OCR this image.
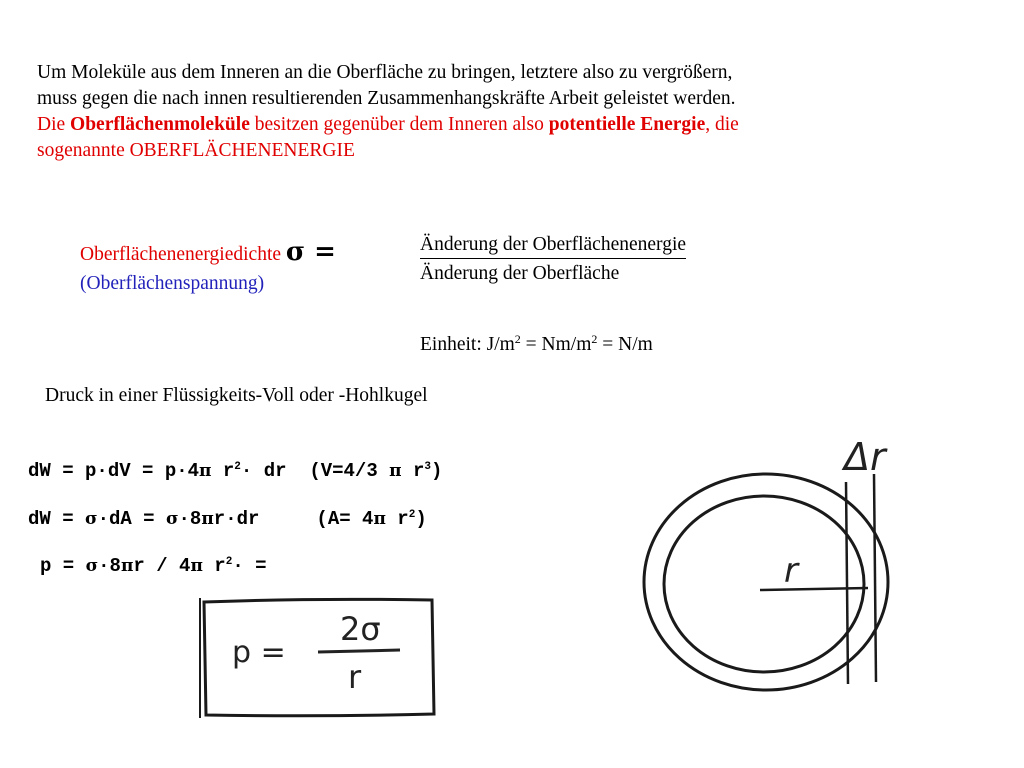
Um Moleküle aus dem Inneren an die Oberfläche zu bringen, letztere also zu vergrößern,
muss gegen die nach innen resultierenden Zusammenhangskräfte Arbeit geleistet werden.
Die Oberflächenmoleküle besitzen gegenüber dem Inneren also potentielle Energie, die
sogenannte OBERFLÄCHENENERGIE
Oberflächenenergiedichte σ =
(Oberflächenspannung)
Änderung der Oberflächenenergie
Änderung der Oberfläche
Einheit: $J/m^2 = Nm/m^2 = N/m$
Druck in einer Flüssigkeits-Voll oder -Hohlkugel
dW = p·dV = p·4π $r^2\cdot$ dr  (V=4/3 π $r^3$)
dW = σ·dA = σ·8πr·dr     (A= 4π $r^2$)
p = σ·8πr / 4π $r^2\cdot$ =
p =
2σ
r
Δr
r
